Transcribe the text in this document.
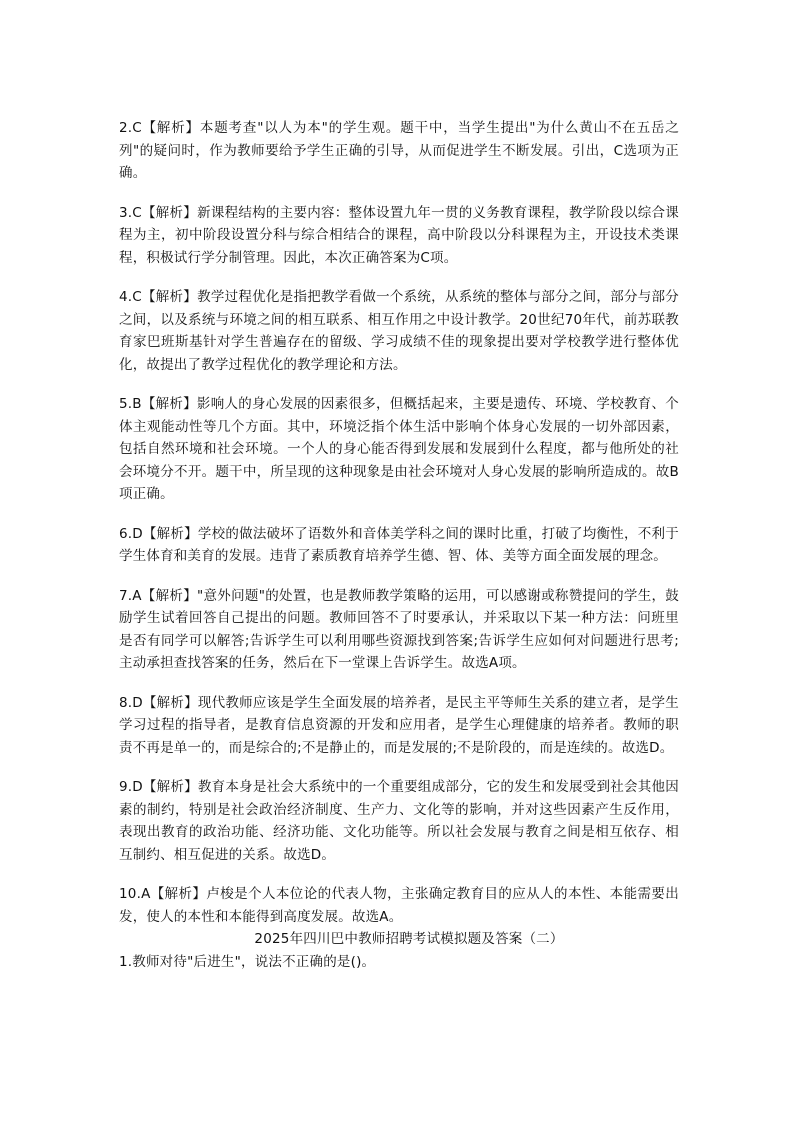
2.C【解析】本题考查"以人为本"的学生观。题干中，当学生提出"为什么黄山不在五岳之列"的疑问时，作为教师要给予学生正确的引导，从而促进学生不断发展。引出，C选项为正确。

3.C【解析】新课程结构的主要内容：整体设置九年一贯的义务教育课程，教学阶段以综合课程为主，初中阶段设置分科与综合相结合的课程，高中阶段以分科课程为主，开设技术类课程，积极试行学分制管理。因此，本次正确答案为C项。

4.C【解析】教学过程优化是指把教学看做一个系统，从系统的整体与部分之间，部分与部分之间，以及系统与环境之间的相互联系、相互作用之中设计教学。20世纪70年代，前苏联教育家巴班斯基针对学生普遍存在的留级、学习成绩不佳的现象提出要对学校教学进行整体优化，故提出了教学过程优化的教学理论和方法。

5.B【解析】影响人的身心发展的因素很多，但概括起来，主要是遗传、环境、学校教育、个体主观能动性等几个方面。其中，环境泛指个体生活中影响个体身心发展的一切外部因素，包括自然环境和社会环境。一个人的身心能否得到发展和发展到什么程度，都与他所处的社会环境分不开。题干中，所呈现的这种现象是由社会环境对人身心发展的影响所造成的。故B项正确。

6.D【解析】学校的做法破坏了语数外和音体美学科之间的课时比重，打破了均衡性，不利于学生体育和美育的发展。违背了素质教育培养学生德、智、体、美等方面全面发展的理念。

7.A【解析】"意外问题"的处置，也是教师教学策略的运用，可以感谢或称赞提问的学生，鼓励学生试着回答自己提出的问题。教师回答不了时要承认，并采取以下某一种方法：问班里是否有同学可以解答;告诉学生可以利用哪些资源找到答案;告诉学生应如何对问题进行思考;主动承担查找答案的任务，然后在下一堂课上告诉学生。故选A项。

8.D【解析】现代教师应该是学生全面发展的培养者，是民主平等师生关系的建立者，是学生学习过程的指导者，是教育信息资源的开发和应用者，是学生心理健康的培养者。教师的职责不再是单一的，而是综合的;不是静止的，而是发展的;不是阶段的，而是连续的。故选D。

9.D【解析】教育本身是社会大系统中的一个重要组成部分，它的发生和发展受到社会其他因素的制约，特别是社会政治经济制度、生产力、文化等的影响，并对这些因素产生反作用，表现出教育的政治功能、经济功能、文化功能等。所以社会发展与教育之间是相互依存、相互制约、相互促进的关系。故选D。

10.A【解析】卢梭是个人本位论的代表人物，主张确定教育目的应从人的本性、本能需要出发，使人的本性和本能得到高度发展。故选A。

2025年四川巴中教师招聘考试模拟题及答案（二）

1.教师对待"后进生"，说法不正确的是()。
